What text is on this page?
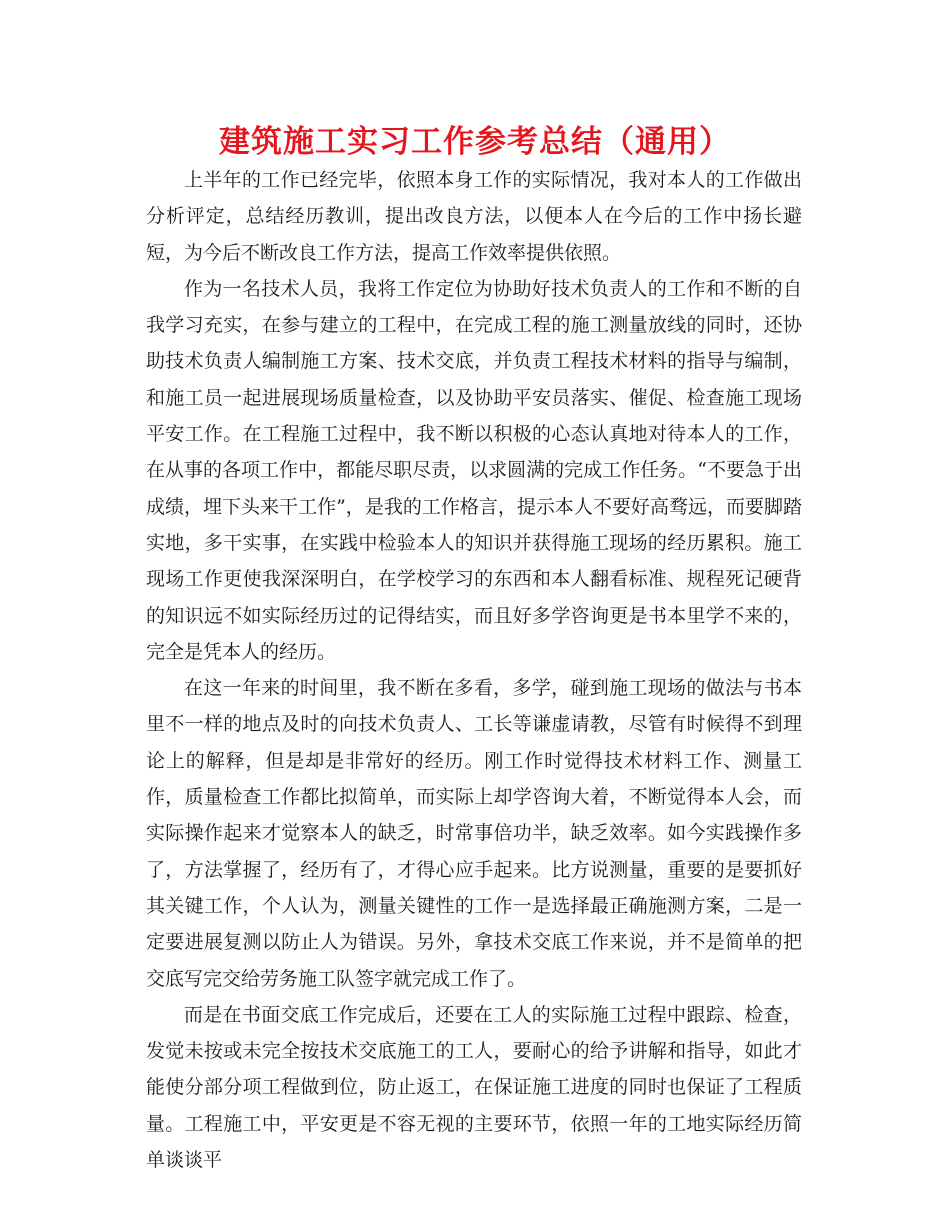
建筑施工实习工作参考总结（通用）

上半年的工作已经完毕，依照本身工作的实际情况，我对本人的工作做出分析评定，总结经历教训，提出改良方法，以便本人在今后的工作中扬长避短，为今后不断改良工作方法，提高工作效率提供依照。

作为一名技术人员，我将工作定位为协助好技术负责人的工作和不断的自我学习充实，在参与建立的工程中，在完成工程的施工测量放线的同时，还协助技术负责人编制施工方案、技术交底，并负责工程技术材料的指导与编制，和施工员一起进展现场质量检查，以及协助平安员落实、催促、检查施工现场平安工作。在工程施工过程中，我不断以积极的心态认真地对待本人的工作，在从事的各项工作中，都能尽职尽责，以求圆满的完成工作任务。“不要急于出成绩，埋下头来干工作”，是我的工作格言，提示本人不要好高骛远，而要脚踏实地，多干实事，在实践中检验本人的知识并获得施工现场的经历累积。施工现场工作更使我深深明白，在学校学习的东西和本人翻看标准、规程死记硬背的知识远不如实际经历过的记得结实，而且好多学咨询更是书本里学不来的，完全是凭本人的经历。

在这一年来的时间里，我不断在多看，多学，碰到施工现场的做法与书本里不一样的地点及时的向技术负责人、工长等谦虚请教，尽管有时候得不到理论上的解释，但是却是非常好的经历。刚工作时觉得技术材料工作、测量工作，质量检查工作都比拟简单，而实际上却学咨询大着，不断觉得本人会，而实际操作起来才觉察本人的缺乏，时常事倍功半，缺乏效率。如今实践操作多了，方法掌握了，经历有了，才得心应手起来。比方说测量，重要的是要抓好其关键工作，个人认为，测量关键性的工作一是选择最正确施测方案，二是一定要进展复测以防止人为错误。另外，拿技术交底工作来说，并不是简单的把交底写完交给劳务施工队签字就完成工作了。

而是在书面交底工作完成后，还要在工人的实际施工过程中跟踪、检查，发觉未按或未完全按技术交底施工的工人，要耐心的给予讲解和指导，如此才能使分部分项工程做到位，防止返工，在保证施工进度的同时也保证了工程质量。工程施工中，平安更是不容无视的主要环节，依照一年的工地实际经历简单谈谈平
